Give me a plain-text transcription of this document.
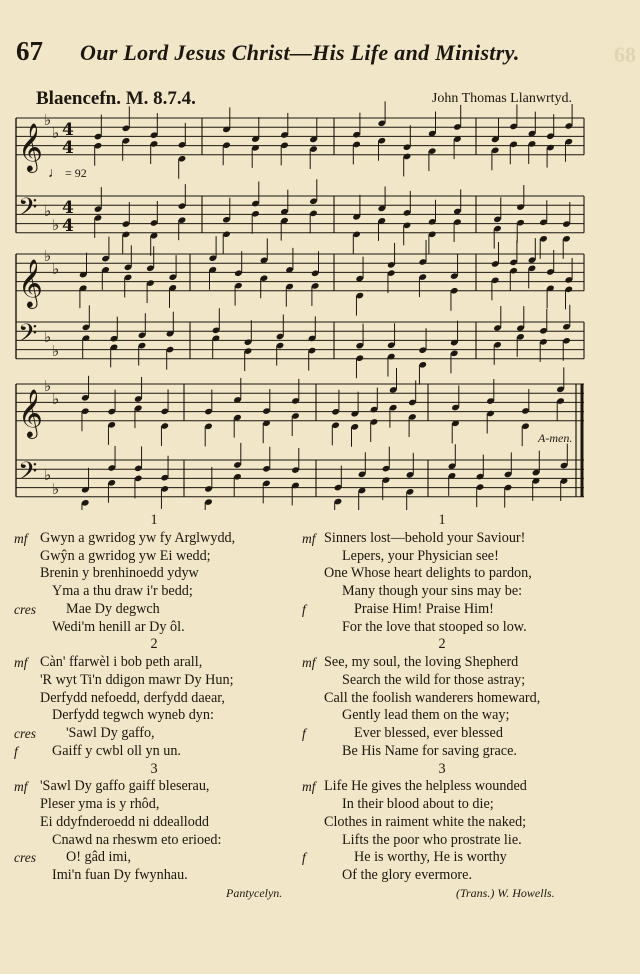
67 Our Lord Jesus Christ—His Life and Ministry.	68
Blaencefn. M. 8.7.4.	John Thomas Llanwrtyd.
𝄞
♭
♭ 4
4
𝄢 ♭
♭
4
4
𝄞
♭
♭
𝄢 ♭
♭
𝄞
♭
♭
𝄢 ♭
♭
♩ = 92
A-men.
1
mf Gwyn a gwridog yw fy Arglwydd,
Gwŷn a gwridog yw Ei wedd;
Brenin y brenhinoedd ydyw
Yma a thu draw i'r bedd;
cres Mae Dy degwch
Wedi'm henill ar Dy ôl.
2
mf Càn' ffarwèl i bob peth arall,
'R wyt Ti'n ddigon mawr Dy Hun;
Derfydd nefoedd, derfydd daear,
Derfydd tegwch wyneb dyn:
cres 'Sawl Dy gaffo,
f Gaiff y cwbl oll yn un.
3
mf 'Sawl Dy gaffo gaiff bleserau,
Pleser yma is y rhôd,
Ei ddyfnderoedd ni ddeallodd
Cnawd na rheswm eto erioed:
cres O! gâd imi,
Imi'n fuan Dy fwynhau.
1
mf Sinners lost—behold your Saviour!
Lepers, your Physician see!
One Whose heart delights to pardon,
Many though your sins may be:
f	Praise Him! Praise Him!
For the love that stooped so low.
2
mf See, my soul, the loving Shepherd
Search the wild for those astray;
Call the foolish wanderers homeward,
Gently lead them on the way;
f	Ever blessed, ever blessed
Be His Name for saving grace.
3
mf Life He gives the helpless wounded
In their blood about to die;
Clothes in raiment white the naked;
Lifts the poor who prostrate lie.
f	He is worthy, He is worthy
Of the glory evermore.
Pantycelyn.	(Trans.) W. Howells.
